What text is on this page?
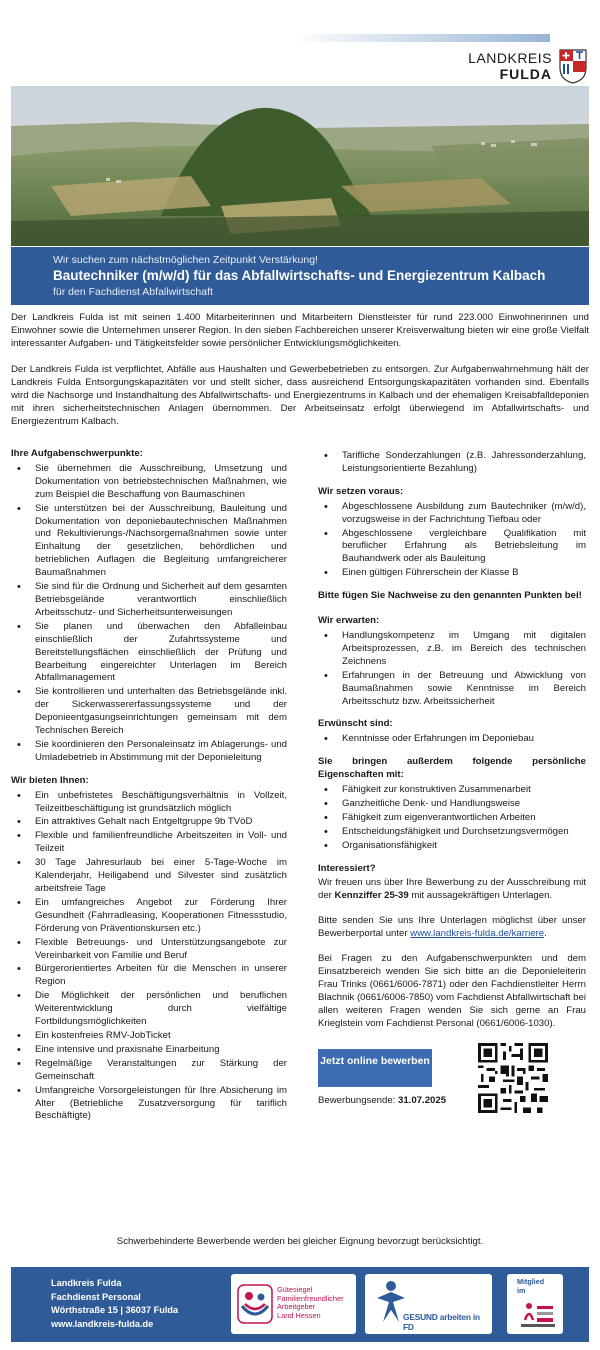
LANDKREIS
FULDA
Wir suchen zum nächstmöglichen Zeitpunkt Verstärkung!
Bautechniker (m/w/d) für das Abfallwirtschafts- und Energiezentrum Kalbach
für den Fachdienst Abfallwirtschaft

Der Landkreis Fulda ist mit seinen 1.400 Mitarbeiterinnen und Mitarbeitern Dienstleister für rund 223.000 Einwohnerinnen und Einwohner sowie die Unternehmen unserer Region. In den sieben Fachbereichen unserer Kreisverwaltung bieten wir eine große Vielfalt interessanter Aufgaben- und Tätigkeitsfelder sowie persönlicher Entwicklungsmöglichkeiten.

Der Landkreis Fulda ist verpflichtet, Abfälle aus Haushalten und Gewerbebetrieben zu entsorgen. Zur Aufgabenwahrnehmung hält der Landkreis Fulda Entsorgungskapazitäten vor und stellt sicher, dass ausreichend Entsorgungskapazitäten vorhanden sind. Ebenfalls wird die Nachsorge und Instandhaltung des Abfallwirtschafts- und Energiezentrums in Kalbach und der ehemaligen Kreisabfalldeponien mit ihren sicherheitstechnischen Anlagen übernommen. Der Arbeitseinsatz erfolgt überwiegend im Abfallwirtschafts- und Energiezentrum Kalbach.

Ihre Aufgabenschwerpunkte:
• Sie übernehmen die Ausschreibung, Umsetzung und Dokumentation von betriebstechnischen Maßnahmen, wie zum Beispiel die Beschaffung von Baumaschinen
• Sie unterstützen bei der Ausschreibung, Bauleitung und Dokumentation von deponiebautechnischen Maßnahmen und Rekultivierungs-/Nachsorgemaßnahmen sowie unter Einhaltung der gesetzlichen, behördlichen und betrieblichen Auflagen die Begleitung umfangreicherer Baumaßnahmen
• Sie sind für die Ordnung und Sicherheit auf dem gesamten Betriebsgelände verantwortlich einschließlich Arbeitsschutz- und Sicherheitsunterweisungen
• Sie planen und überwachen den Abfalleinbau einschließlich der Zufahrtssysteme und Bereitstellungsflächen einschließlich der Prüfung und Bearbeitung eingereichter Unterlagen im Bereich Abfallmanagement
• Sie kontrollieren und unterhalten das Betriebsgelände inkl. der Sickerwassererfassungssysteme und der Deponieentgasungseinrichtungen gemeinsam mit dem Technischen Bereich
• Sie koordinieren den Personaleinsatz im Ablagerungs- und Umladebetrieb in Abstimmung mit der Deponieleitung
Wir bieten Ihnen:
• Ein unbefristetes Beschäftigungsverhältnis in Vollzeit, Teilzeitbeschäftigung ist grundsätzlich möglich
• Ein attraktives Gehalt nach Entgeltgruppe 9b TVöD
• Flexible und familienfreundliche Arbeitszeiten in Voll- und Teilzeit
• 30 Tage Jahresurlaub bei einer 5-Tage-Woche im Kalenderjahr, Heiligabend und Silvester sind zusätzlich arbeitsfreie Tage
• Ein umfangreiches Angebot zur Förderung Ihrer Gesundheit (Fahrradleasing, Kooperationen Fitnessstudio, Förderung von Präventionskursen etc.)
• Flexible Betreuungs- und Unterstützungsangebote zur Vereinbarkeit von Familie und Beruf
• Bürgerorientiertes Arbeiten für die Menschen in unserer Region
• Die Möglichkeit der persönlichen und beruflichen Weiterentwicklung durch vielfältige Fortbildungsmöglichkeiten
• Ein kostenfreies RMV-JobTicket
• Eine intensive und praxisnahe Einarbeitung
• Regelmäßige Veranstaltungen zur Stärkung der Gemeinschaft
• Umfangreiche Vorsorgeleistungen für Ihre Absicherung im Alter (Betriebliche Zusatzversorgung für tariflich Beschäftigte)
• Tarifliche Sonderzahlungen (z.B. Jahressonderzahlung, Leistungsorientierte Bezahlung)
Wir setzen voraus:
• Abgeschlossene Ausbildung zum Bautechniker (m/w/d), vorzugsweise in der Fachrichtung Tiefbau oder
• Abgeschlossene vergleichbare Qualifikation mit beruflicher Erfahrung als Betriebsleitung im Bauhandwerk oder als Bauleitung
• Einen gültigen Führerschein der Klasse B

Bitte fügen Sie Nachweise zu den genannten Punkten bei!

Wir erwarten:
• Handlungskompetenz im Umgang mit digitalen Arbeitsprozessen, z.B. im Bereich des technischen Zeichnens
• Erfahrungen in der Betreuung und Abwicklung von Baumaßnahmen sowie Kenntnisse im Bereich Arbeitsschutz bzw. Arbeitssicherheit
Erwünscht sind:
• Kenntnisse oder Erfahrungen im Deponiebau
Sie bringen außerdem folgende persönliche Eigenschaften mit:
• Fähigkeit zur konstruktiven Zusammenarbeit
• Ganzheitliche Denk- und Handlungsweise
• Fähigkeit zum eigenverantwortlichen Arbeiten
• Entscheidungsfähigkeit und Durchsetzungsvermögen
• Organisationsfähigkeit
Interessiert?

Wir freuen uns über Ihre Bewerbung zu der Ausschreibung mit der Kennziffer 25-39 mit aussagekräftigen Unterlagen.

Bitte senden Sie uns Ihre Unterlagen möglichst über unser Bewerberportal unter www.landkreis-fulda.de/karriere.

Bei Fragen zu den Aufgabenschwerpunkten und dem Einsatzbereich wenden Sie sich bitte an die Deponieleiterin Frau Trinks (0661/6006-7871) oder den Fachdienstleiter Herrn Blachnik (0661/6006-7850) vom Fachdienst Abfallwirtschaft bei allen weiteren Fragen wenden Sie sich gerne an Frau Krieglstein vom Fachdienst Personal (0661/6006-1030).

Jetzt online bewerben

Bewerbungsende: 31.07.2025

Schwerbehinderte Bewerbende werden bei gleicher Eignung bevorzugt berücksichtigt.
Landkreis Fulda
Fachdienst Personal
Wörthstraße 15 | 36037 Fulda
www.landkreis-fulda.de
Gütesiegel
Familienfreundlicher
Arbeitgeber
Land Hessen	GESUND arbeiten in FD
Mitglied
im
